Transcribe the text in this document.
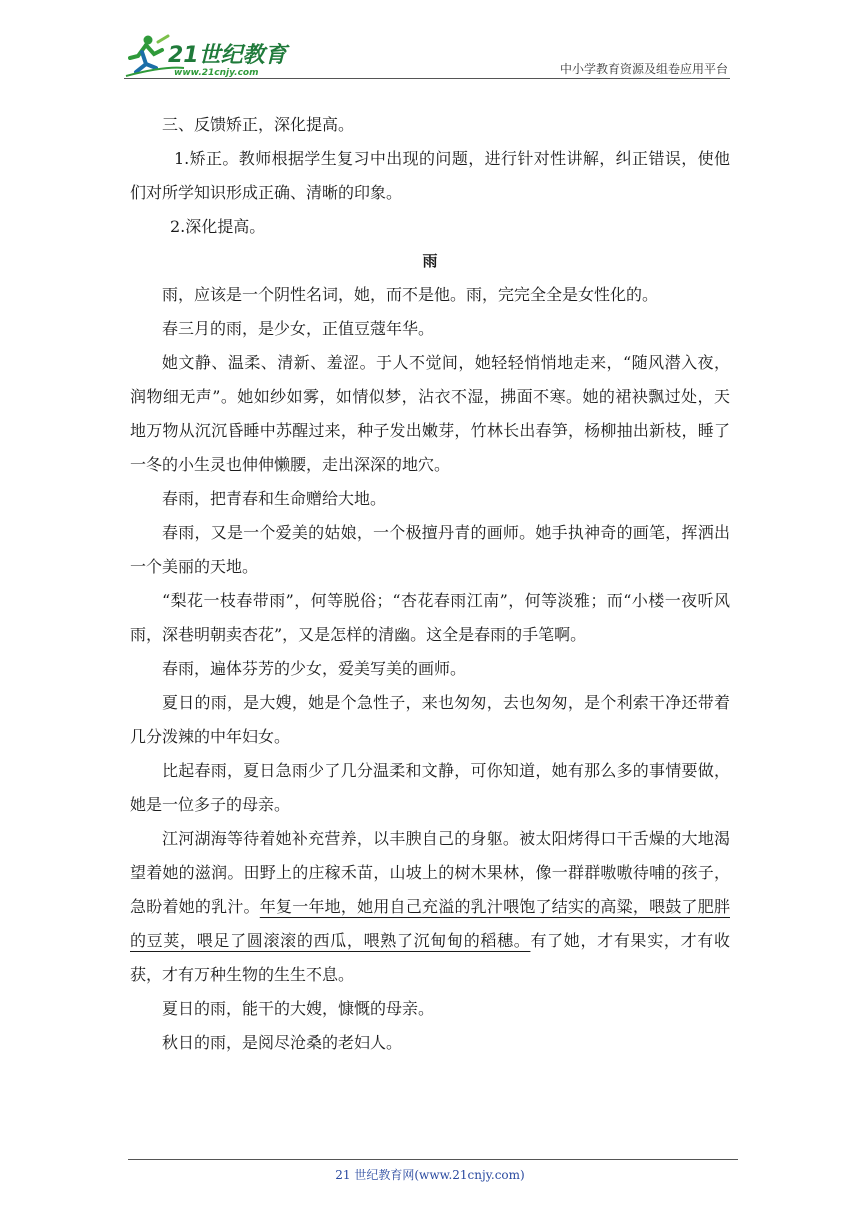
21世纪教育
www.21cnjy.com	中小学教育资源及组卷应用平台

三、反馈矫正，深化提高。

1.矫正。教师根据学生复习中出现的问题，进行针对性讲解，纠正错误，使他们对所学知识形成正确、清晰的印象。

2.深化提高。

雨

雨，应该是一个阴性名词，她，而不是他。雨，完完全全是女性化的。

春三月的雨，是少女，正值豆蔻年华。

她文静、温柔、清新、羞涩。于人不觉间，她轻轻悄悄地走来，“随风潜入夜，润物细无声”。她如纱如雾，如情似梦，沾衣不湿，拂面不寒。她的裙袂飘过处，天地万物从沉沉昏睡中苏醒过来，种子发出嫩芽，竹林长出春笋，杨柳抽出新枝，睡了一冬的小生灵也伸伸懒腰，走出深深的地穴。

春雨，把青春和生命赠给大地。

春雨，又是一个爱美的姑娘，一个极擅丹青的画师。她手执神奇的画笔，挥洒出一个美丽的天地。

“梨花一枝春带雨”，何等脱俗；“杏花春雨江南”，何等淡雅；而“小楼一夜听风雨，深巷明朝卖杏花”，又是怎样的清幽。这全是春雨的手笔啊。

春雨，遍体芬芳的少女，爱美写美的画师。

夏日的雨，是大嫂，她是个急性子，来也匆匆，去也匆匆，是个利索干净还带着几分泼辣的中年妇女。

比起春雨，夏日急雨少了几分温柔和文静，可你知道，她有那么多的事情要做，她是一位多子的母亲。

江河湖海等待着她补充营养，以丰腴自己的身躯。被太阳烤得口干舌燥的大地渴望着她的滋润。田野上的庄稼禾苗，山坡上的树木果林，像一群群嗷嗷待哺的孩子，急盼着她的乳汁。年复一年地，她用自己充溢的乳汁喂饱了结实的高粱，喂鼓了肥胖的豆荚，喂足了圆滚滚的西瓜，喂熟了沉甸甸的稻穗。有了她，才有果实，才有收获，才有万种生物的生生不息。

夏日的雨，能干的大嫂，慷慨的母亲。

秋日的雨，是阅尽沧桑的老妇人。

21 世纪教育网(www.21cnjy.com)
